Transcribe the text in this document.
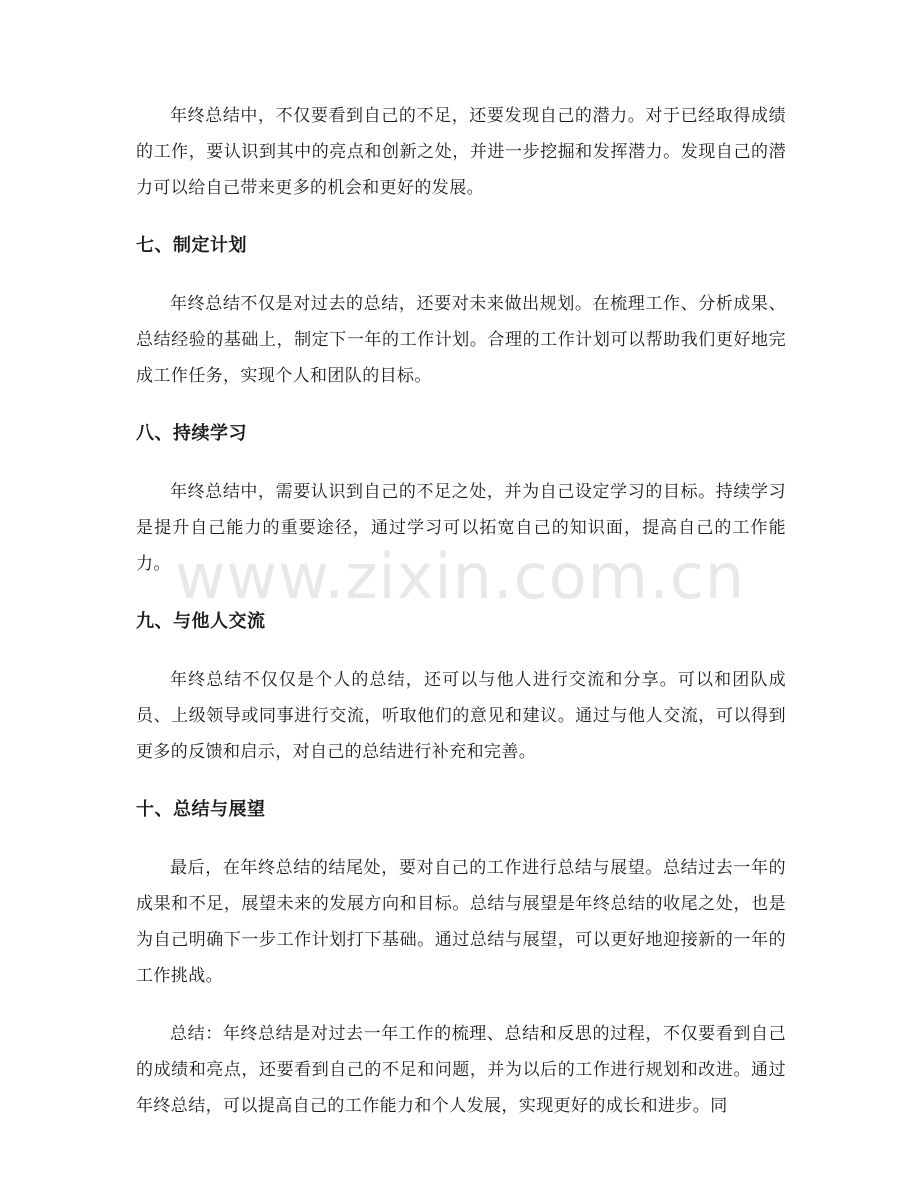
年终总结中，不仅要看到自己的不足，还要发现自己的潜力。对于已经取得成绩的工作，要认识到其中的亮点和创新之处，并进一步挖掘和发挥潜力。发现自己的潜力可以给自己带来更多的机会和更好的发展。

七、制定计划

年终总结不仅是对过去的总结，还要对未来做出规划。在梳理工作、分析成果、总结经验的基础上，制定下一年的工作计划。合理的工作计划可以帮助我们更好地完成工作任务，实现个人和团队的目标。

八、持续学习

年终总结中，需要认识到自己的不足之处，并为自己设定学习的目标。持续学习是提升自己能力的重要途径，通过学习可以拓宽自己的知识面，提高自己的工作能力。

九、与他人交流

年终总结不仅仅是个人的总结，还可以与他人进行交流和分享。可以和团队成员、上级领导或同事进行交流，听取他们的意见和建议。通过与他人交流，可以得到更多的反馈和启示，对自己的总结进行补充和完善。

十、总结与展望

最后，在年终总结的结尾处，要对自己的工作进行总结与展望。总结过去一年的成果和不足，展望未来的发展方向和目标。总结与展望是年终总结的收尾之处，也是为自己明确下一步工作计划打下基础。通过总结与展望，可以更好地迎接新的一年的工作挑战。

总结：年终总结是对过去一年工作的梳理、总结和反思的过程，不仅要看到自己的成绩和亮点，还要看到自己的不足和问题，并为以后的工作进行规划和改进。通过年终总结，可以提高自己的工作能力和个人发展，实现更好的成长和进步。同

www.zixin.com.cn
